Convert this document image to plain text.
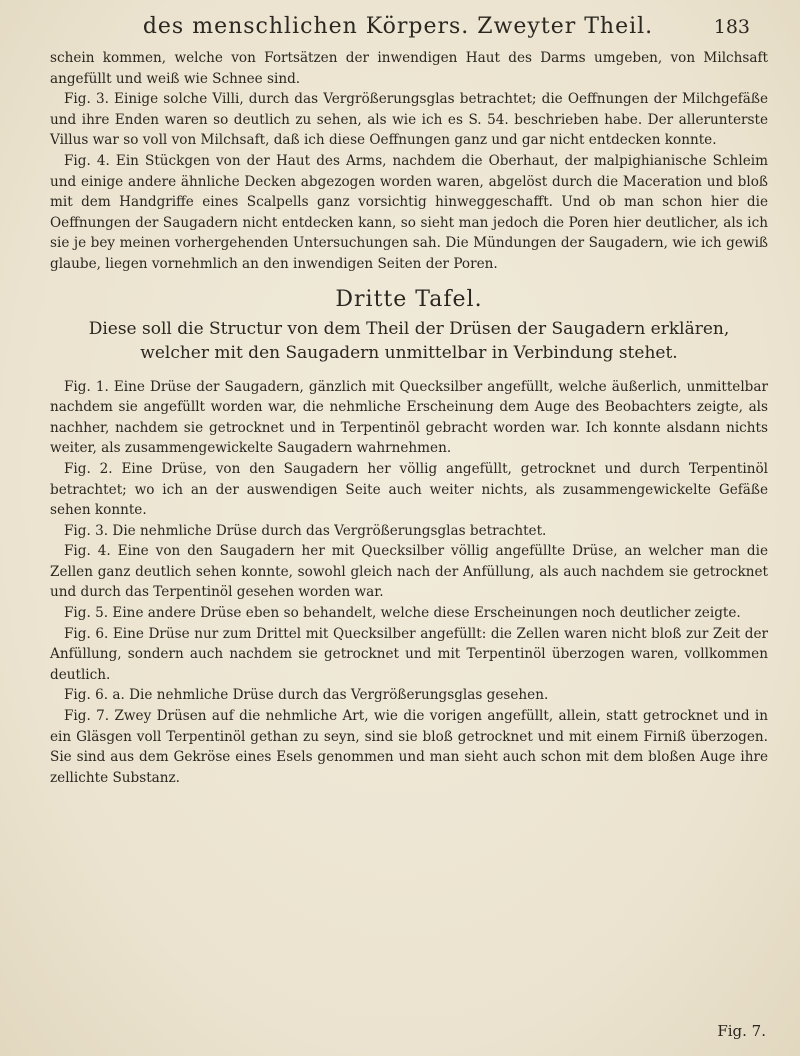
des menschlichen Körpers. Zweyter Theil.	183

schein kommen, welche von Fortsätzen der inwendigen Haut des Darms umgeben, von Milchsaft angefüllt und weiß wie Schnee sind.

Fig. 3. Einige solche Villi, durch das Vergrößerungsglas betrachtet; die Oeffnungen der Milchgefäße und ihre Enden waren so deutlich zu sehen, als wie ich es S. 54. beschrieben habe. Der allerunterste Villus war so voll von Milchsaft, daß ich diese Oeffnungen ganz und gar nicht entdecken konnte.

Fig. 4. Ein Stückgen von der Haut des Arms, nachdem die Oberhaut, der malpighianische Schleim und einige andere ähnliche Decken abgezogen worden waren, abgelöst durch die Maceration und bloß mit dem Handgriffe eines Scalpells ganz vorsichtig hinweggeschafft. Und ob man schon hier die Oeffnungen der Saugadern nicht entdecken kann, so sieht man jedoch die Poren hier deutlicher, als ich sie je bey meinen vorhergehenden Untersuchungen sah. Die Mündungen der Saugadern, wie ich gewiß glaube, liegen vornehmlich an den inwendigen Seiten der Poren.

Dritte Tafel.
Diese soll die Structur von dem Theil der Drüsen der Saugadern erklären,
welcher mit den Saugadern unmittelbar in Verbindung stehet.

Fig. 1. Eine Drüse der Saugadern, gänzlich mit Quecksilber angefüllt, welche äußerlich, unmittelbar nachdem sie angefüllt worden war, die nehmliche Erscheinung dem Auge des Beobachters zeigte, als nachher, nachdem sie getrocknet und in Terpentinöl gebracht worden war. Ich konnte alsdann nichts weiter, als zusammengewickelte Saugadern wahrnehmen.

Fig. 2. Eine Drüse, von den Saugadern her völlig angefüllt, getrocknet und durch Terpentinöl betrachtet; wo ich an der auswendigen Seite auch weiter nichts, als zusammengewickelte Gefäße sehen konnte.

Fig. 3. Die nehmliche Drüse durch das Vergrößerungsglas betrachtet.

Fig. 4. Eine von den Saugadern her mit Quecksilber völlig angefüllte Drüse, an welcher man die Zellen ganz deutlich sehen konnte, sowohl gleich nach der Anfüllung, als auch nachdem sie getrocknet und durch das Terpentinöl gesehen worden war.

Fig. 5. Eine andere Drüse eben so behandelt, welche diese Erscheinungen noch deutlicher zeigte.

Fig. 6. Eine Drüse nur zum Drittel mit Quecksilber angefüllt: die Zellen waren nicht bloß zur Zeit der Anfüllung, sondern auch nachdem sie getrocknet und mit Terpentinöl überzogen waren, vollkommen deutlich.

Fig. 6. a. Die nehmliche Drüse durch das Vergrößerungsglas gesehen.

Fig. 7. Zwey Drüsen auf die nehmliche Art, wie die vorigen angefüllt, allein, statt getrocknet und in ein Gläsgen voll Terpentinöl gethan zu seyn, sind sie bloß getrocknet und mit einem Firniß überzogen. Sie sind aus dem Gekröse eines Esels genommen und man sieht auch schon mit dem bloßen Auge ihre zellichte Substanz.

Fig. 7.
